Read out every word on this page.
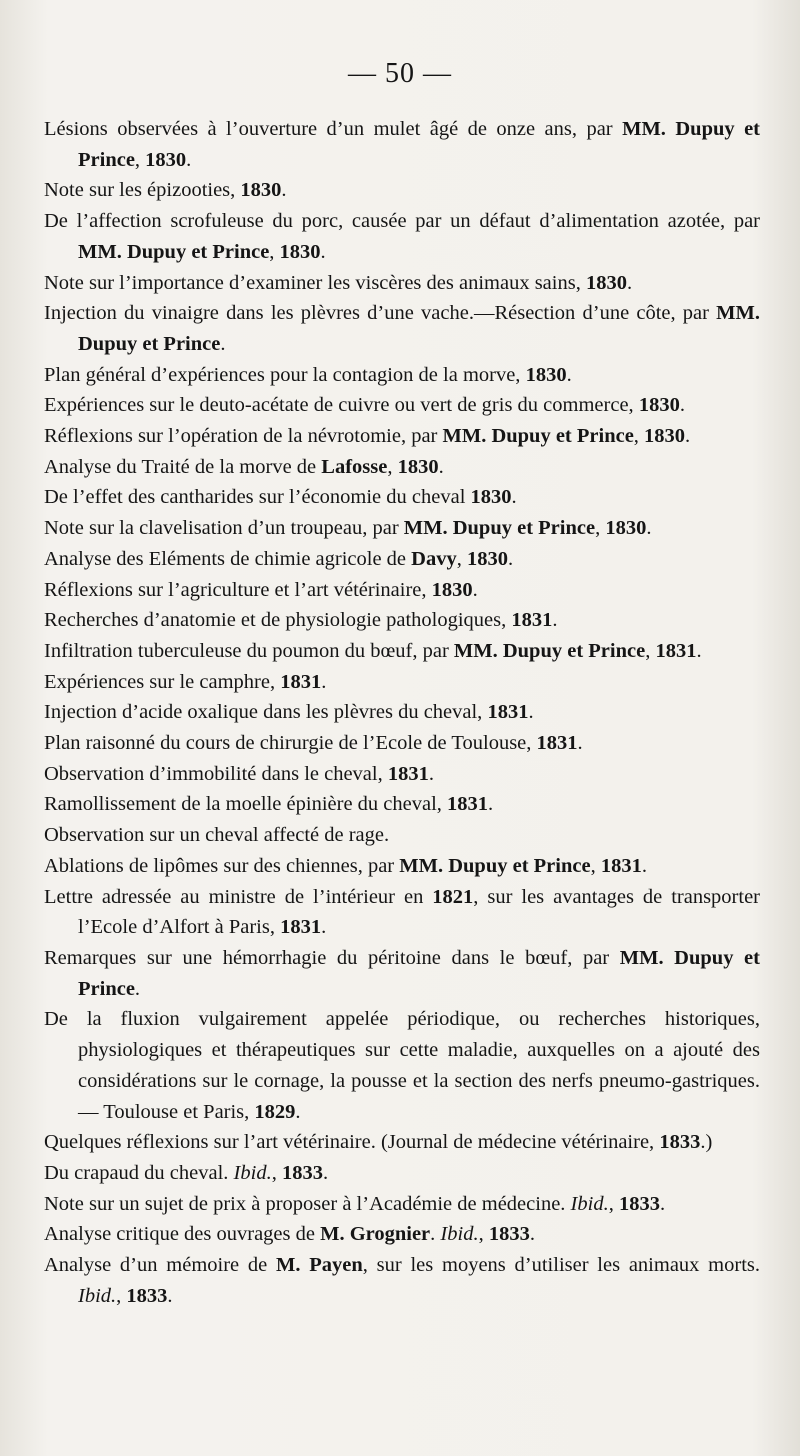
— 50 —
Lésions observées à l’ouverture d’un mulet âgé de onze ans, par MM. Dupuy et Prince, 1830.
Note sur les épizooties, 1830.
De l’affection scrofuleuse du porc, causée par un défaut d’alimentation azotée, par MM. Dupuy et Prince, 1830.
Note sur l’importance d’examiner les viscères des animaux sains, 1830.
Injection du vinaigre dans les plèvres d’une vache.—Résection d’une côte, par MM. Dupuy et Prince.
Plan général d’expériences pour la contagion de la morve, 1830.
Expériences sur le deuto-acétate de cuivre ou vert de gris du commerce, 1830.
Réflexions sur l’opération de la névrotomie, par MM. Dupuy et Prince, 1830.
Analyse du Traité de la morve de Lafosse, 1830.
De l’effet des cantharides sur l’économie du cheval 1830.
Note sur la clavelisation d’un troupeau, par MM. Dupuy et Prince, 1830.
Analyse des Eléments de chimie agricole de Davy, 1830.
Réflexions sur l’agriculture et l’art vétérinaire, 1830.
Recherches d’anatomie et de physiologie pathologiques, 1831.
Infiltration tuberculeuse du poumon du bœuf, par MM. Dupuy et Prince, 1831.
Expériences sur le camphre, 1831.
Injection d’acide oxalique dans les plèvres du cheval, 1831.
Plan raisonné du cours de chirurgie de l’Ecole de Toulouse, 1831.
Observation d’immobilité dans le cheval, 1831.
Ramollissement de la moelle épinière du cheval, 1831.
Observation sur un cheval affecté de rage.
Ablations de lipômes sur des chiennes, par MM. Dupuy et Prince, 1831.
Lettre adressée au ministre de l’intérieur en 1821, sur les avantages de transporter l’Ecole d’Alfort à Paris, 1831.
Remarques sur une hémorrhagie du péritoine dans le bœuf, par MM. Dupuy et Prince.
De la fluxion vulgairement appelée périodique, ou recherches historiques, physiologiques et thérapeutiques sur cette maladie, auxquelles on a ajouté des considérations sur le cornage, la pousse et la section des nerfs pneumo-gastriques. — Toulouse et Paris, 1829.
Quelques réflexions sur l’art vétérinaire. (Journal de médecine vétérinaire, 1833.)
Du crapaud du cheval. Ibid., 1833.
Note sur un sujet de prix à proposer à l’Académie de médecine. Ibid., 1833.
Analyse critique des ouvrages de M. Grognier. Ibid., 1833.
Analyse d’un mémoire de M. Payen, sur les moyens d’utiliser les animaux morts. Ibid., 1833.
